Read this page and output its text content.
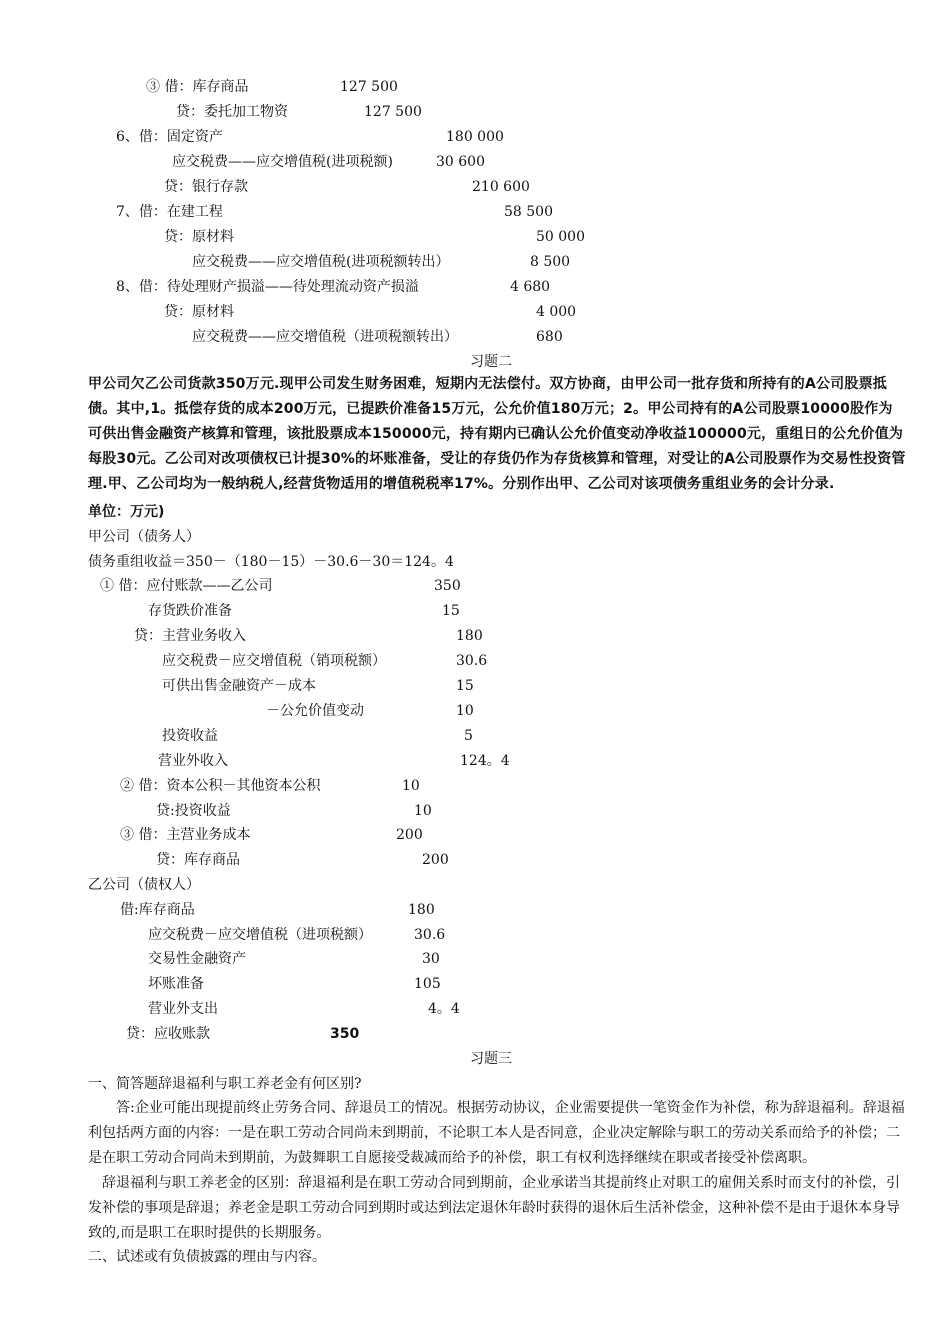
③ 借：库存商品	127 500
贷：委托加工物资	127 500
6、借：固定资产	180 000
应交税费——应交增值税(进项税额)	30 600
贷：银行存款	210 600
7、借：在建工程	58 500
贷：原材料	50 000
应交税费——应交增值税(进项税额转出）	8 500
8、借：待处理财产损溢——待处理流动资产损溢	4 680
贷：原材料	4 000
应交税费——应交增值税（进项税额转出）	680
习题二
甲公司欠乙公司货款350万元.现甲公司发生财务困难，短期内无法偿付。双方协商，由甲公司一批存货和所持有的A公司股票抵债。其中,1。抵偿存货的成本200万元，已提跌价准备15万元，公允价值180万元；2。甲公司持有的A公司股票10000股作为可供出售金融资产核算和管理，该批股票成本150000元，持有期内已确认公允价值变动净收益100000元，重组日的公允价值为每股30元。乙公司对改项债权已计提30%的坏账准备，受让的存货仍作为存货核算和管理，对受让的A公司股票作为交易性投资管理.甲、乙公司均为一般纳税人,经营货物适用的增值税税率17%。分别作出甲、乙公司对该项债务重组业务的会计分录.
单位：万元)
甲公司（债务人）
债务重组收益＝350－（180－15）－30.6－30＝124。4
① 借：应付账款——乙公司	350
存货跌价准备	15
贷：主营业务收入	180
应交税费－应交增值税（销项税额）	30.6
可供出售金融资产－成本	15
－公允价值变动	10
投资收益	5
营业外收入	124。4
② 借：资本公积－其他资本公积	10
贷:投资收益	10
③ 借：主营业务成本	200
贷：库存商品	200
乙公司（债权人）
借:库存商品	180
应交税费－应交增值税（进项税额）	30.6
交易性金融资产	30
坏账准备	105
营业外支出	4。4
贷：应收账款	350
习题三
一、简答题辞退福利与职工养老金有何区别?
答:企业可能出现提前终止劳务合同、辞退员工的情况。根据劳动协议，企业需要提供一笔资金作为补偿，称为辞退福利。辞退福利包括两方面的内容：一是在职工劳动合同尚未到期前，不论职工本人是否同意，企业决定解除与职工的劳动关系而给予的补偿；二是在职工劳动合同尚未到期前，为鼓舞职工自愿接受裁减而给予的补偿，职工有权利选择继续在职或者接受补偿离职。
辞退福利与职工养老金的区别：辞退福利是在职工劳动合同到期前，企业承诺当其提前终止对职工的雇佣关系时而支付的补偿，引发补偿的事项是辞退；养老金是职工劳动合同到期时或达到法定退休年龄时获得的退休后生活补偿金，这种补偿不是由于退休本身导致的,而是职工在职时提供的长期服务。
二、试述或有负债披露的理由与内容。
